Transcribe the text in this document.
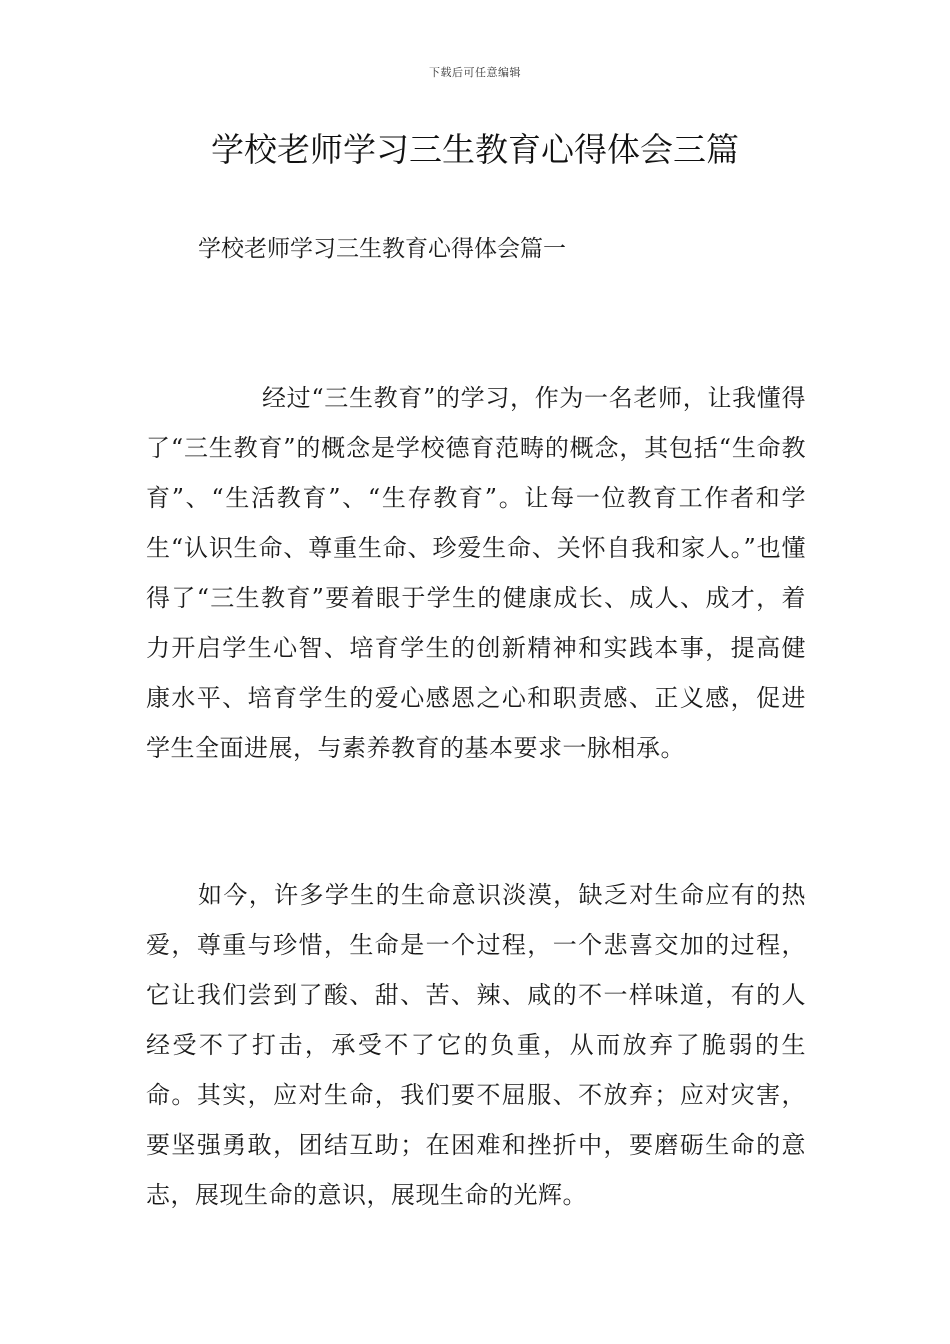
下载后可任意编辑
学校老师学习三生教育心得体会三篇
学校老师学习三生教育心得体会篇一

经过“三生教育”的学习，作为一名老师，让我懂得了“三生教育”的概念是学校德育范畴的概念，其包括“生命教育”、“生活教育”、“生存教育”。让每一位教育工作者和学生“认识生命、尊重生命、珍爱生命、关怀自我和家人。”也懂得了“三生教育”要着眼于学生的健康成长、成人、成才，着力开启学生心智、培育学生的创新精神和实践本事，提高健康水平、培育学生的爱心感恩之心和职责感、正义感，促进学生全面进展，与素养教育的基本要求一脉相承。

如今，许多学生的生命意识淡漠，缺乏对生命应有的热爱，尊重与珍惜，生命是一个过程，一个悲喜交加的过程，它让我们尝到了酸、甜、苦、辣、咸的不一样味道，有的人经受不了打击，承受不了它的负重，从而放弃了脆弱的生命。其实，应对生命，我们要不屈服、不放弃；应对灾害，要坚强勇敢，团结互助；在困难和挫折中，要磨砺生命的意志，展现生命的意识，展现生命的光辉。
